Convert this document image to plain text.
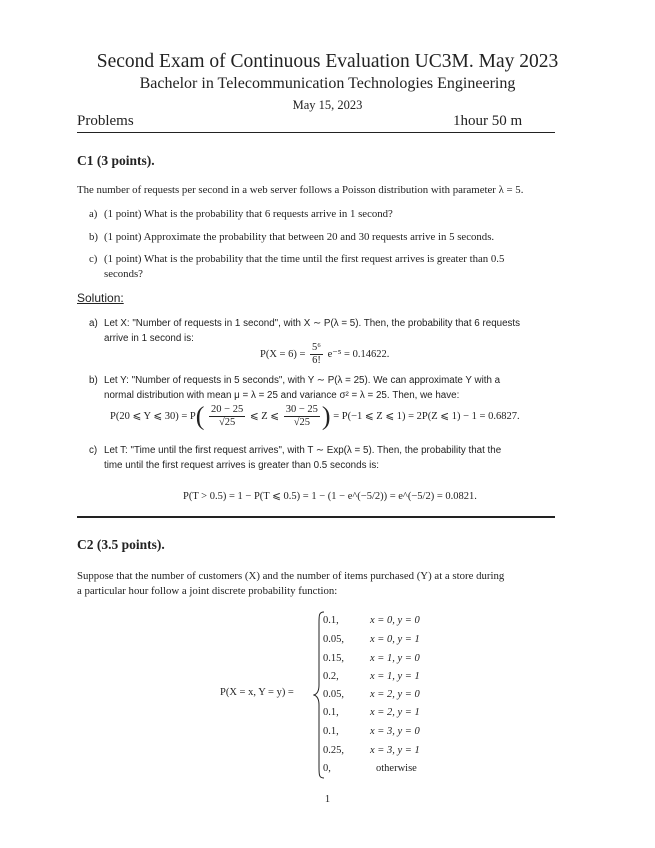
Second Exam of Continuous Evaluation UC3M. May 2023
Bachelor in Telecommunication Technologies Engineering
May 15, 2023
Problems	1hour 50 m
C1 (3 points).
The number of requests per second in a web server follows a Poisson distribution with parameter λ = 5.
a) (1 point) What is the probability that 6 requests arrive in 1 second?
b) (1 point) Approximate the probability that between 20 and 30 requests arrive in 5 seconds.
c) (1 point) What is the probability that the time until the first request arrives is greater than 0.5
seconds?
Solution:
a) Let X: "Number of requests in 1 second", with X ∼ P(λ = 5). Then, the probability that 6 requests
arrive in 1 second is:
$P(X = 6) = \frac{\text{5⁶}}{6!} e^{-5} = 0.14622$.
b) Let Y: "Number of requests in 5 seconds", with Y ∼ P(λ = 25). We can approximate Y with a
normal distribution with mean μ = λ = 25 and variance σ² = λ = 25. Then, we have:
P(20 ⩽ Y ⩽ $30) = P( \frac{20 - 25}{√25}$ ⩽ Z ⩽ $\frac{30 - 25}{√25}$ ) = P(−1 ⩽ Z ⩽ 1) = 2P(Z ⩽ 1) − 1 = 0.6827.
c) Let T: "Time until the first request arrives", with T ∼ Exp(λ = 5). Then, the probability that the
time until the first request arrives is greater than 0.5 seconds is:
P(T > 0.5) = 1 − P(T ⩽ 0.5) = 1 − (1 − e^(−5/2)) = e^(−5/2) = 0.0821.
C2 (3.5 points).
Suppose that the number of customers (X) and the number of items purchased (Y) at a store during
a particular hour follow a joint discrete probability function:
P(X = x, Y = y) =
0.1,	x = 0, y = 0
0.05, x = 0, y = 1
0.15, x = 1, y = 0
0.2,	x = 1, y = 1
0.05, x = 2, y = 0
0.1,	x = 2, y = 1
0.1,	x = 3, y = 0
0.25, x = 3, y = 1
0,	otherwise
1
